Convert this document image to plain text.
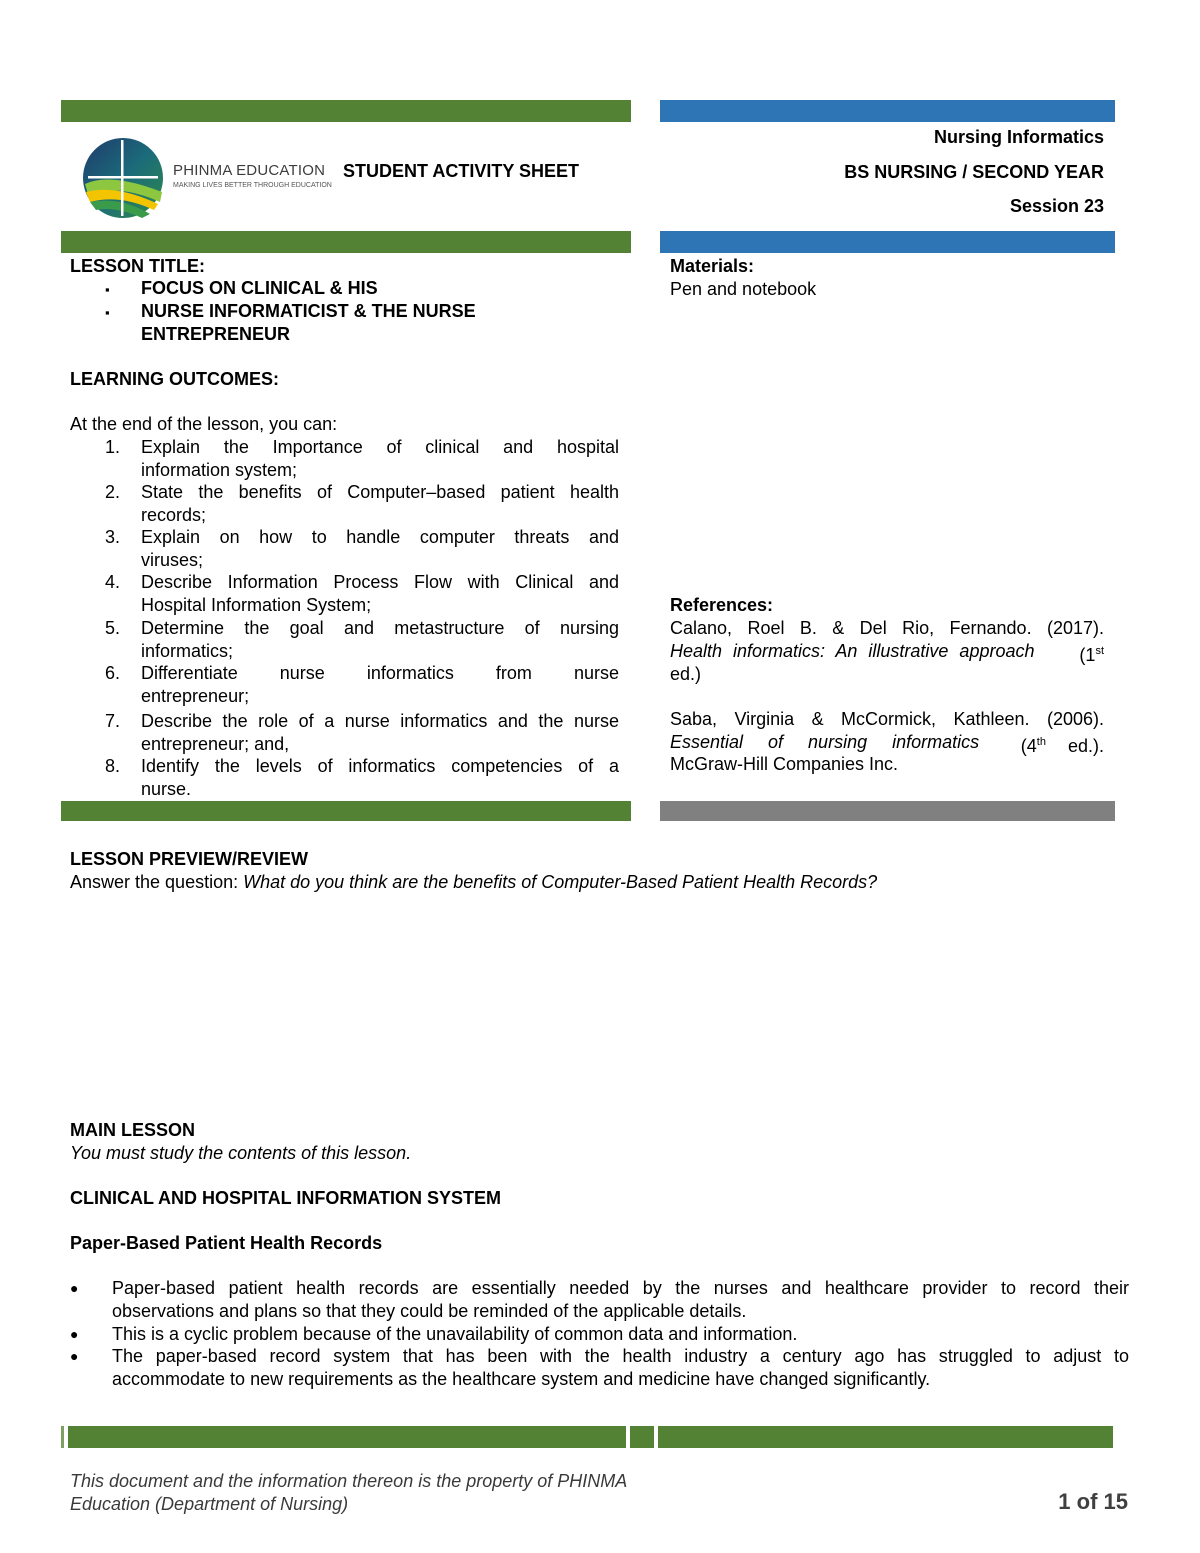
PHINMA EDUCATION
MAKING LIVES BETTER THROUGH EDUCATION
STUDENT ACTIVITY SHEET
Nursing Informatics
BS NURSING / SECOND YEAR
Session 23
LESSON TITLE:
▪ FOCUS ON CLINICAL & HIS
▪ NURSE INFORMATICIST & THE NURSE
ENTREPRENEUR
LEARNING OUTCOMES:
At the end of the lesson, you can:
1. Explain the Importance of clinical and hospital
information system;
2. State the benefits of Computer–based patient health
records;
3. Explain on how to handle computer threats and
viruses;
4. Describe Information Process Flow with Clinical and
Hospital Information System;
5. Determine the goal and metastructure of nursing
informatics;
6. Differentiate nurse informatics from nurse
entrepreneur;
7. Describe the role of a nurse informatics and the nurse
entrepreneur; and,
8. Identify the levels of informatics competencies of a
nurse.
Materials:
Pen and notebook
References:
Calano, Roel B. & Del Rio, Fernando. (2017).
Health informatics: An illustrative approach (1st
ed.)
Saba, Virginia & McCormick, Kathleen. (2006).
Essential of nursing informatics (4th ed.).
McGraw-Hill Companies Inc.
LESSON PREVIEW/REVIEW
Answer the question: What do you think are the benefits of Computer-Based Patient Health Records?
MAIN LESSON
You must study the contents of this lesson.
CLINICAL AND HOSPITAL INFORMATION SYSTEM
Paper-Based Patient Health Records
● Paper-based patient health records are essentially needed by the nurses and healthcare provider to record their
observations and plans so that they could be reminded of the applicable details.
● This is a cyclic problem because of the unavailability of common data and information.
● The paper-based record system that has been with the health industry a century ago has struggled to adjust to
accommodate to new requirements as the healthcare system and medicine have changed significantly.
This document and the information thereon is the property of PHINMA
Education (Department of Nursing)	1 of 15
